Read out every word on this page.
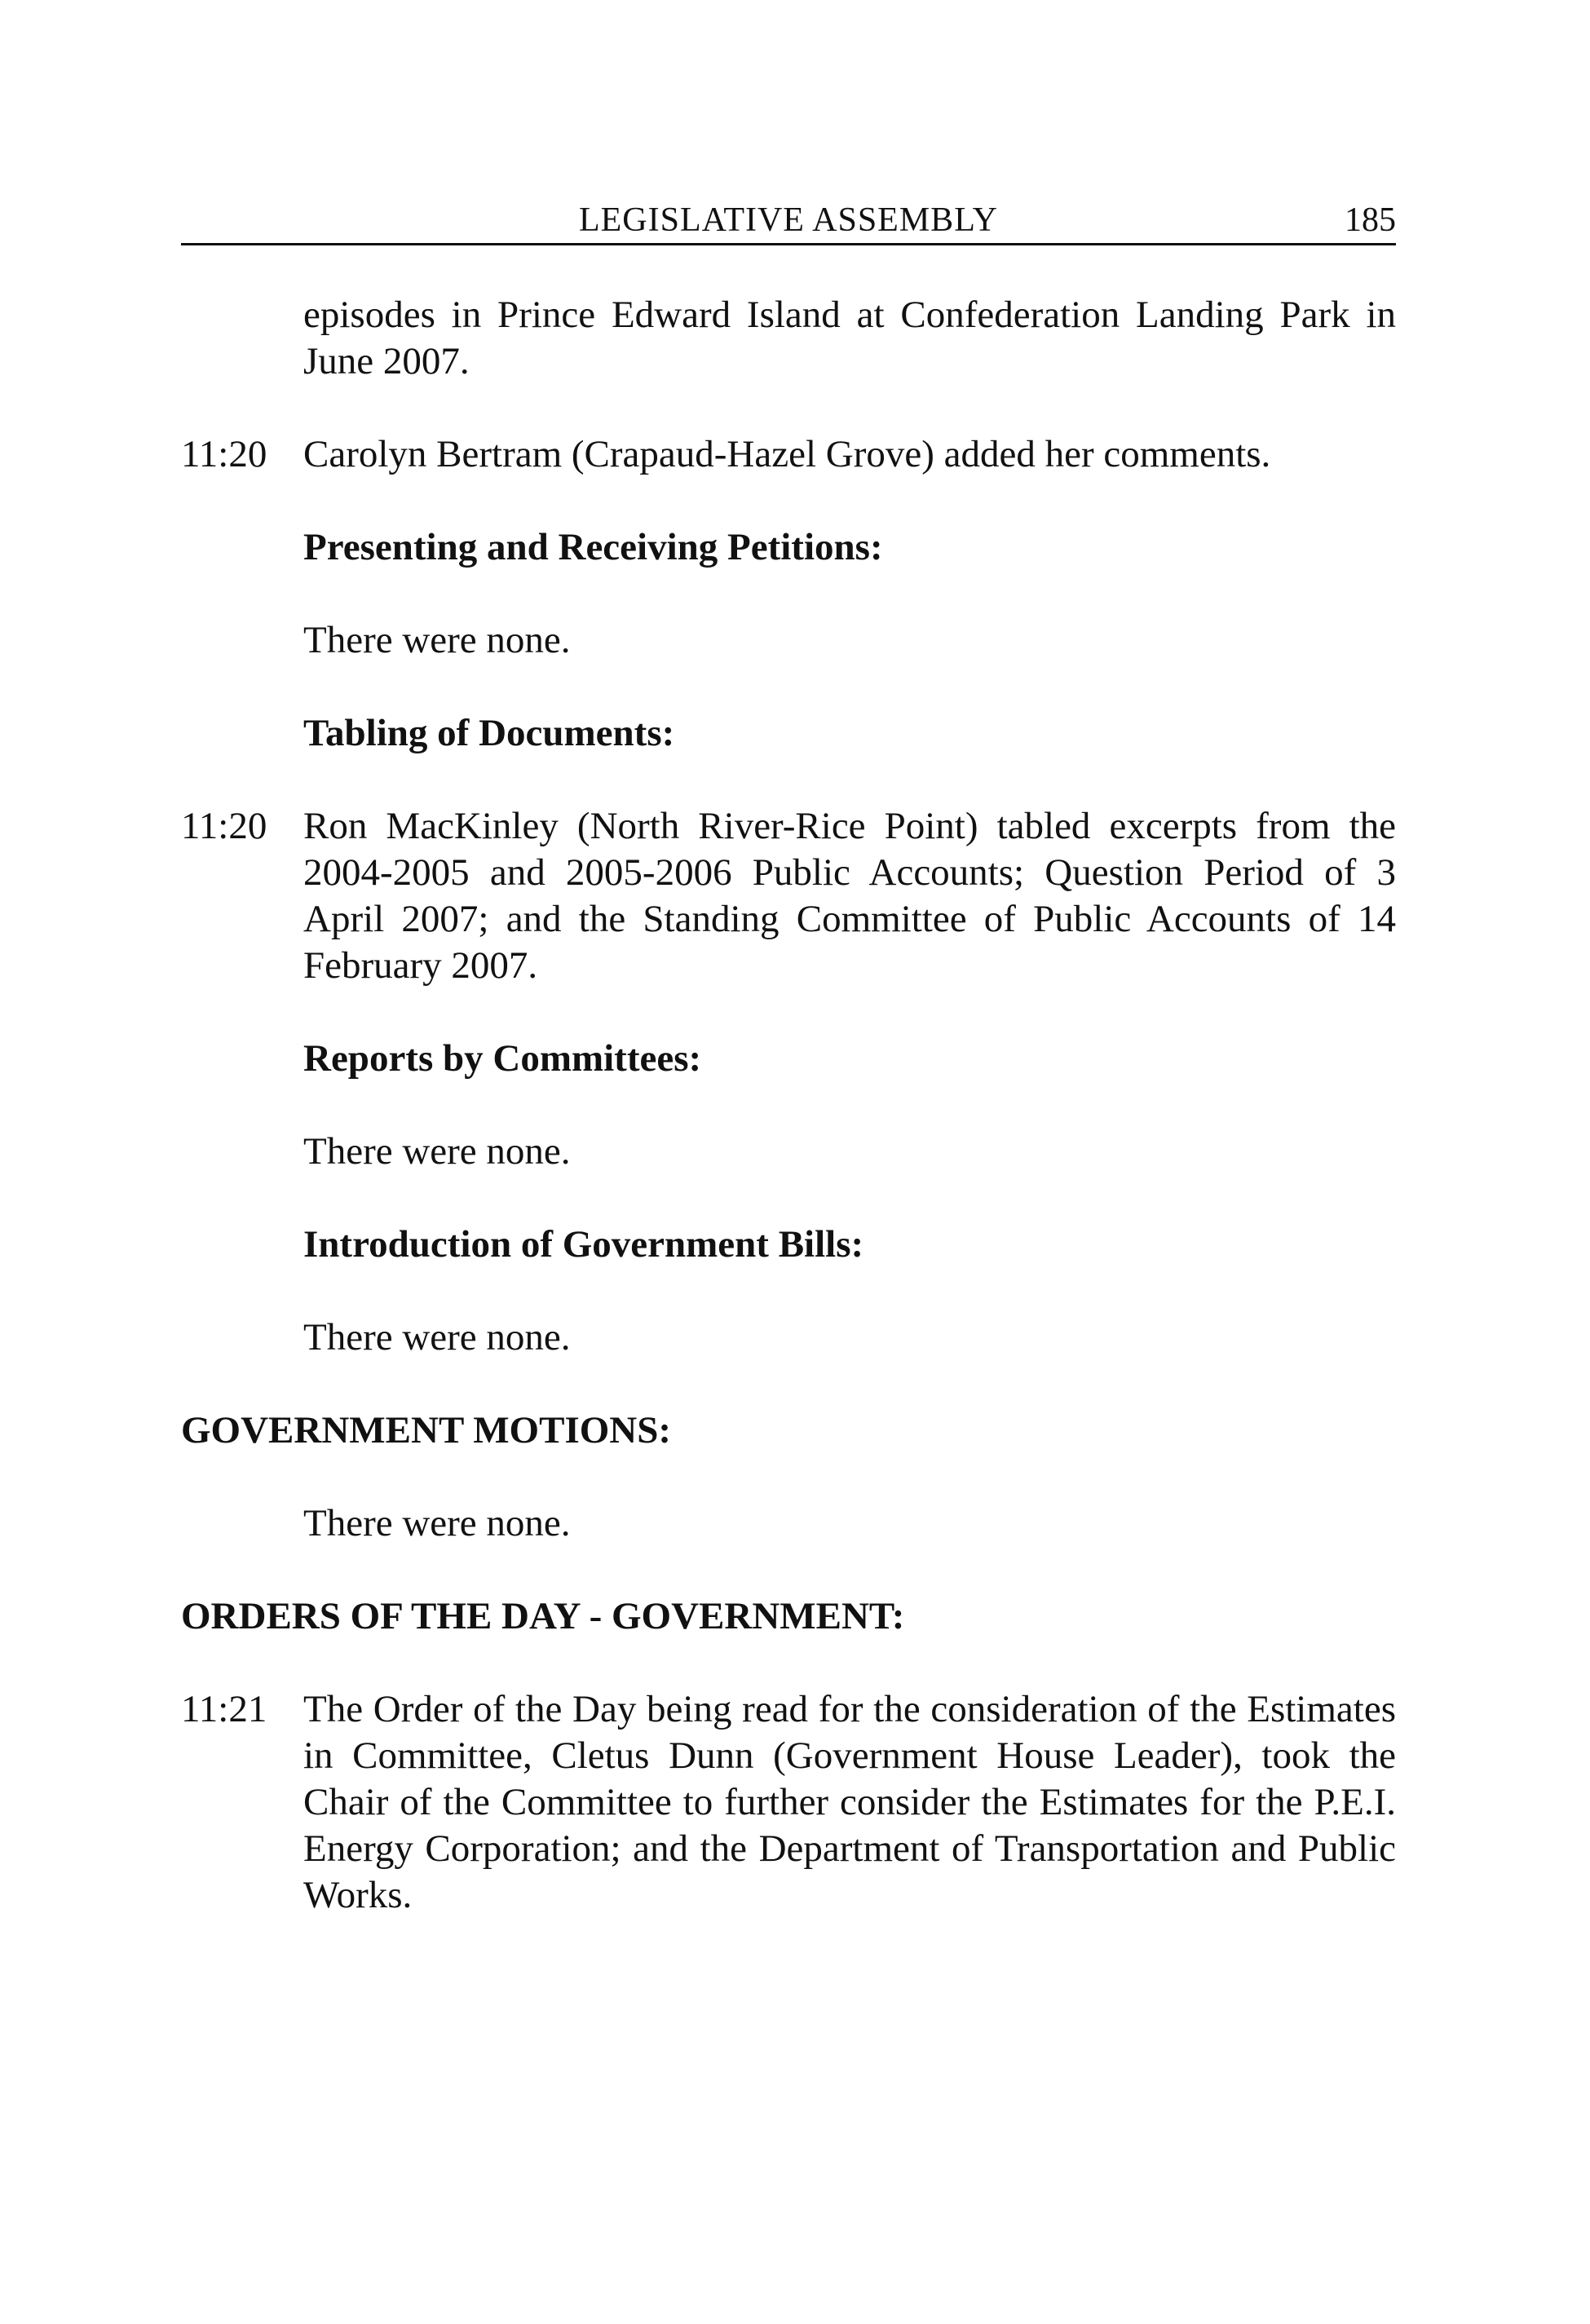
LEGISLATIVE ASSEMBLY	185
episodes in Prince Edward Island at Confederation Landing Park in June 2007.
11:20 Carolyn Bertram (Crapaud-Hazel Grove) added her comments.
Presenting and Receiving Petitions:
There were none.
Tabling of Documents:
11:20 Ron MacKinley (North River-Rice Point) tabled excerpts from the 2004-2005 and 2005-2006 Public Accounts; Question Period of 3 April 2007; and the Standing Committee of Public Accounts of 14 February 2007.
Reports by Committees:
There were none.
Introduction of Government Bills:
There were none.
GOVERNMENT MOTIONS:
There were none.
ORDERS OF THE DAY - GOVERNMENT:
11:21 The Order of the Day being read for the consideration of the Estimates in Committee, Cletus Dunn (Government House Leader), took the Chair of the Committee to further consider the Estimates for the P.E.I. Energy Corporation; and the Department of Transportation and Public Works.
